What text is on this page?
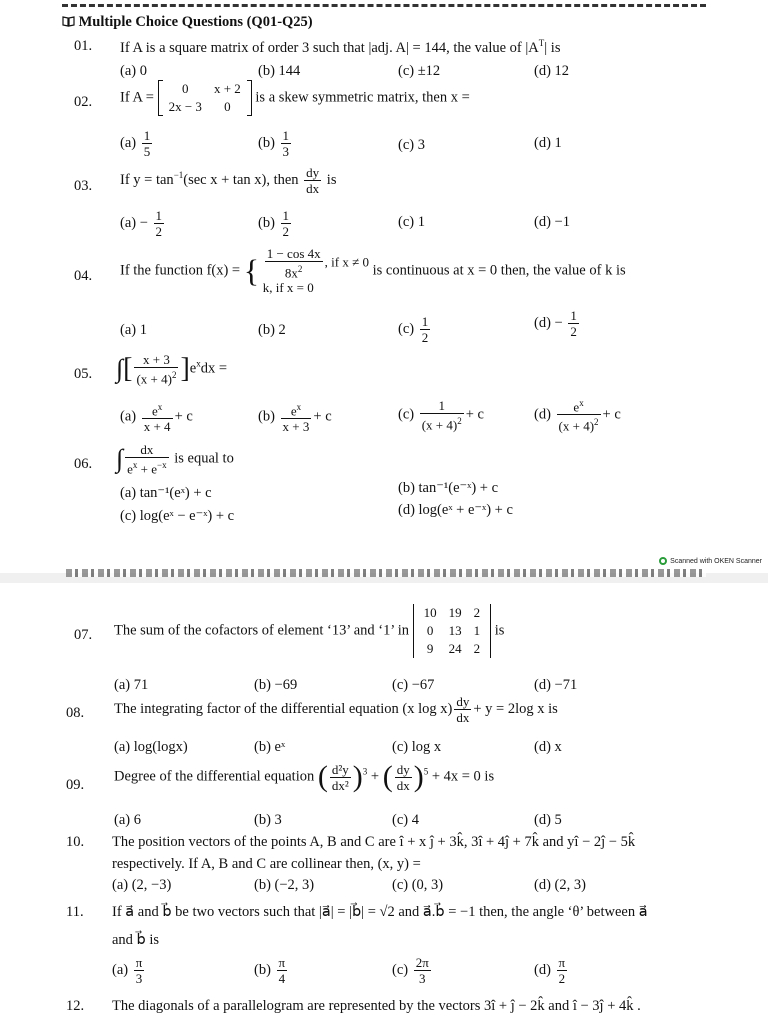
Multiple Choice Questions (Q01-Q25)
01. If A is a square matrix of order 3 such that |adj. A| = 144, the value of $|A^T|$ is
(a) 0	(b) 144	(c) ±12	(d) 12
02. If A =
0	x + 2
2x − 3	0
is a skew symmetric matrix, then x =
$(a) \frac{1}{5}$	$(b) \frac{1}{3}$	(c) 3	(d) 1
03. If $y = \tan^{-1}(\sec$ x + tan x), then $\frac{dy}{dx}$ is
$(a) - \frac{1}{2}$	$(b) \frac{1}{2}$	(c) 1	(d) −1
04. If the function f(x) = { $\frac{1 - \cos 4x}{8x^2}$ , if x ≠ 0
k, if x = 0
is continuous at x = 0 then, the value of k is
(a) 1	(b) 2	$(c) \frac{1}{2}$	$(d) - \frac{1}{2}$
05. ∫[ $\frac{x + 3}{(x + 4)^2} ]e^xdx$ =
$(a) \frac{e^x}{x + 4} + c$	$(b) \frac{e^x}{x + 3} + c$	$(c) \frac{1}{(x + 4)^2} + c$	$(d) \frac{e^x}{(x + 4)^2} + c$
06. ∫ $\frac{dx}{e^x + e^{-x}}$ is equal to
(a) tan⁻¹(eˣ) + c	(b) tan⁻¹(e⁻ˣ) + c
(c) log(eˣ − e⁻ˣ) + c	(d) log(eˣ + e⁻ˣ) + c
Scanned with OKEN Scanner
07. The sum of the cofactors of element ‘13’ and ‘1’ in
10	19	2
0	13	1
9	24	2
is
(a) 71	(b) −69	(c) −67	(d) −71
08. The integrating factor of the differential equation (x $\log x) \frac{dy}{dx} + y = 2\log$ x is
(a) log(logx)	(b) eˣ	(c) log x	(d) x
09.
Degree of the differential equation ( $\frac{\text{d²y}}{\text{dx²}} )^3$ + ( $\frac{dy}{dx} )^5 + 4x = 0$ is
(a) 6	(b) 3	(c) 4	(d) 5
10. The position vectors of the points A, B and C are î + x ĵ + 3k̂, 3î + 4ĵ + 7k̂ and yî − 2ĵ − 5k̂
respectively. If A, B and C are collinear then, (x, y) =
(a) (2, −3)	(b) (−2, 3)	(c) (0, 3)	(d) (2, 3)
11. If a⃗ and b⃗ be two vectors such that |a⃗| = |b⃗| = √2 and a⃗.b⃗ = −1 then, the angle ‘θ’ between a⃗
and b⃗ is
$(a) \frac{\pi}{3}$	$(b) \frac{\pi}{4}$	$(c) \frac{2\pi}{3}$	$(d) \frac{\pi}{2}$
12. The diagonals of a parallelogram are represented by the vectors 3î + ĵ − 2k̂ and î − 3ĵ + 4k̂ .
